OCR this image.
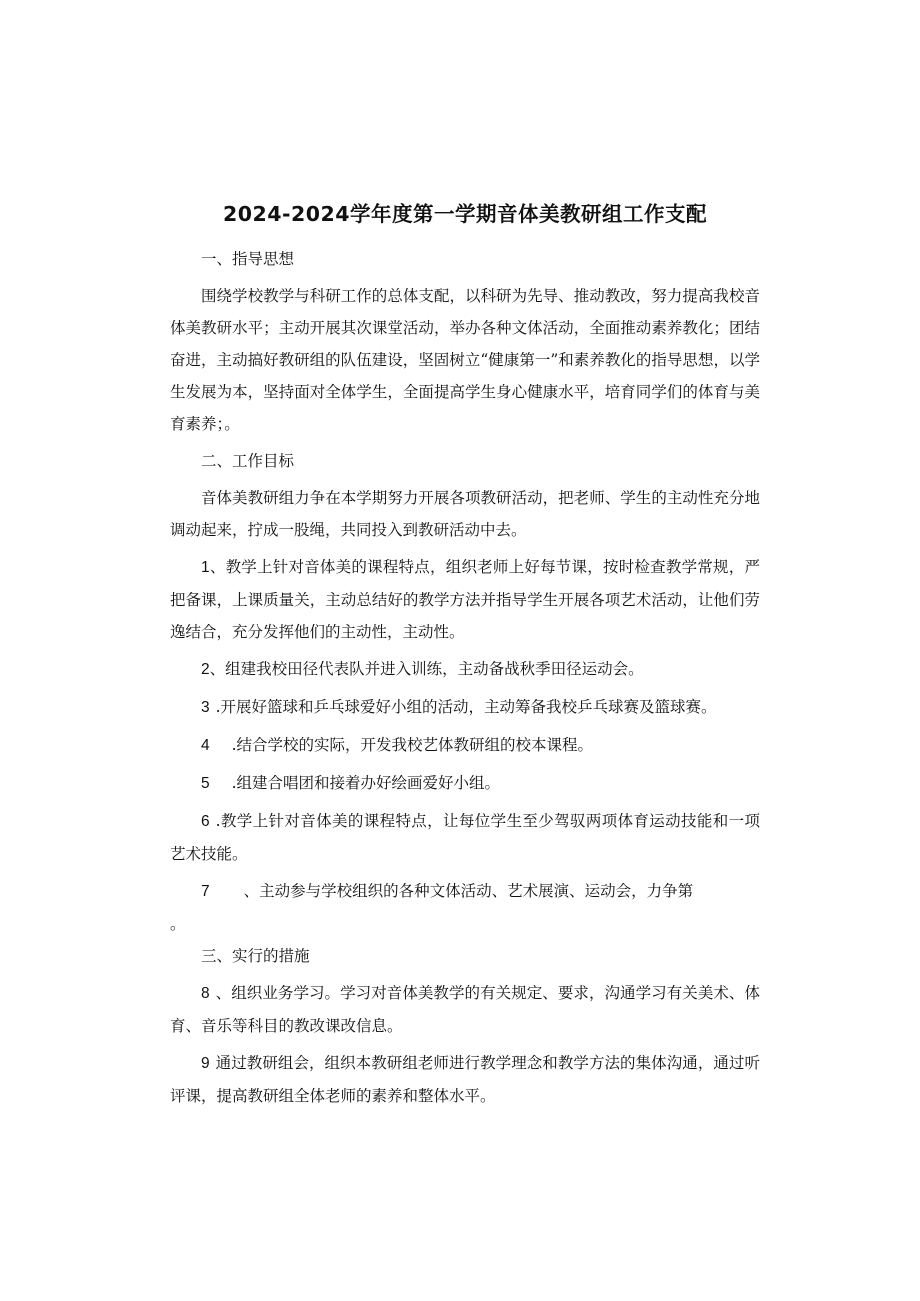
2024-2024学年度第一学期音体美教研组工作支配

一、指导思想

围绕学校教学与科研工作的总体支配，以科研为先导、推动教改，努力提高我校音体美教研水平；主动开展其次课堂活动，举办各种文体活动，全面推动素养教化；团结奋进，主动搞好教研组的队伍建设，坚固树立“健康第一”和素养教化的指导思想，以学生发展为本，坚持面对全体学生，全面提高学生身心健康水平，培育同学们的体育与美育素养；。

二、工作目标

音体美教研组力争在本学期努力开展各项教研活动，把老师、学生的主动性充分地调动起来，拧成一股绳，共同投入到教研活动中去。

1、教学上针对音体美的课程特点，组织老师上好每节课，按时检查教学常规，严把备课，上课质量关，主动总结好的教学方法并指导学生开展各项艺术活动，让他们劳逸结合，充分发挥他们的主动性，主动性。

2、组建我校田径代表队并进入训练，主动备战秋季田径运动会。

3 .开展好篮球和乒乓球爱好小组的活动，主动筹备我校乒乓球赛及篮球赛。

4 .结合学校的实际，开发我校艺体教研组的校本课程。

5 .组建合唱团和接着办好绘画爱好小组。

6 .教学上针对音体美的课程特点，让每位学生至少驾驭两项体育运动技能和一项艺术技能。

7 、主动参与学校组织的各种文体活动、艺术展演、运动会，力争第

。

三、实行的措施

8 、组织业务学习。学习对音体美教学的有关规定、要求，沟通学习有关美术、体育、音乐等科目的教改课改信息。

9 通过教研组会，组织本教研组老师进行教学理念和教学方法的集体沟通，通过听评课，提高教研组全体老师的素养和整体水平。
